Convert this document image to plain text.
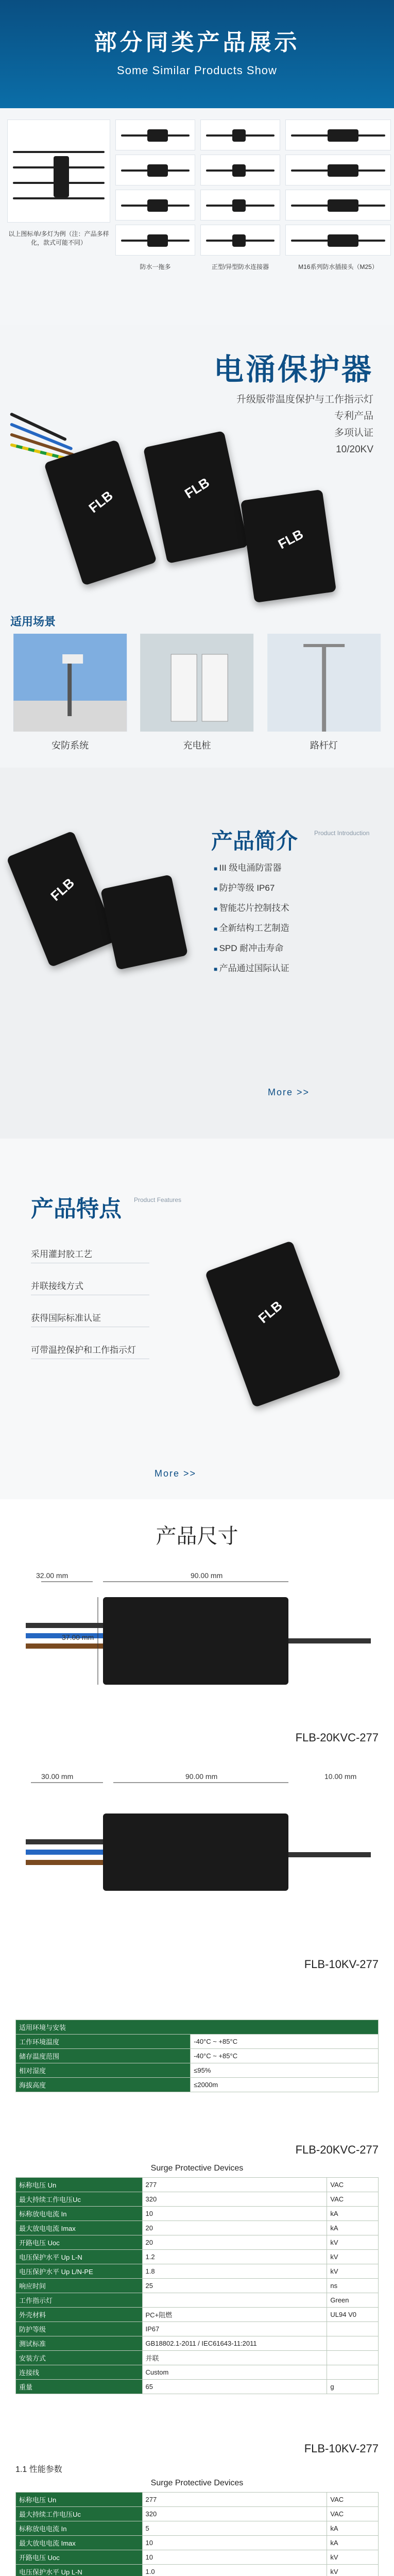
部分同类产品展示
Some Similar Products Show
以上图标单/多灯为例（注：产品多样化，款式可能不同）
防水一拖多	正型/异型防水连接器	M16系列防水插接头（M25）
电涌保护器
升级版带温度保护与工作指示灯
专利产品
多项认证
10/20KV
FLB	FLB
FLB
适用场景
安防系统	充电桩	路杆灯
FLB
产品简介	Product Introduction
■ III 级电涌防雷器
■ 防护等级 IP67
■ 智能芯片控制技术
■ 全新结构工艺制造
■ SPD 耐冲击寿命
■ 产品通过国际认证
More >>
产品特点 Product Features
采用灌封胶工艺
并联接线方式
获得国际标准认证
可带温控保护和工作指示灯
FLB
More >>
产品尺寸
32.00 mm	90.00 mm
37.00 mm
FLB-20KVC-277
30.00 mm	90.00 mm	10.00 mm
FLB-10KV-277
适用环境与安装	
工作环境温度	-40°C ~ +85°C
储存温度范围	-40°C ~ +85°C
相对湿度	≤95%
海拔高度	≤2000m
FLB-20KVC-277
Surge Protective Devices
标称电压 Un	277	VAC
最大持续工作电压Uc	320	VAC
标称放电电流 In	10	kA
最大放电电流 Imax	20	kA
开路电压 Uoc	20	kV
电压保护水平 Up L-N	1.2	kV
电压保护水平 Up L/N-PE	1.8	kV
响应时间	25	ns
工作指示灯		Green
外壳材料	PC+阻燃	UL94 V0
防护等级	IP67	
测试标准	GB18802.1-2011 / IEC61643-11:2011	
安装方式	并联	
连接线	Custom	
重量	65	g
FLB-10KV-277
1.1 性能参数
Surge Protective Devices
标称电压 Un	277	VAC
最大持续工作电压Uc	320	VAC
标称放电电流 In	5	kA
最大放电电流 Imax	10	kA
开路电压 Uoc	10	kV
电压保护水平 Up L-N	1.0	kV
